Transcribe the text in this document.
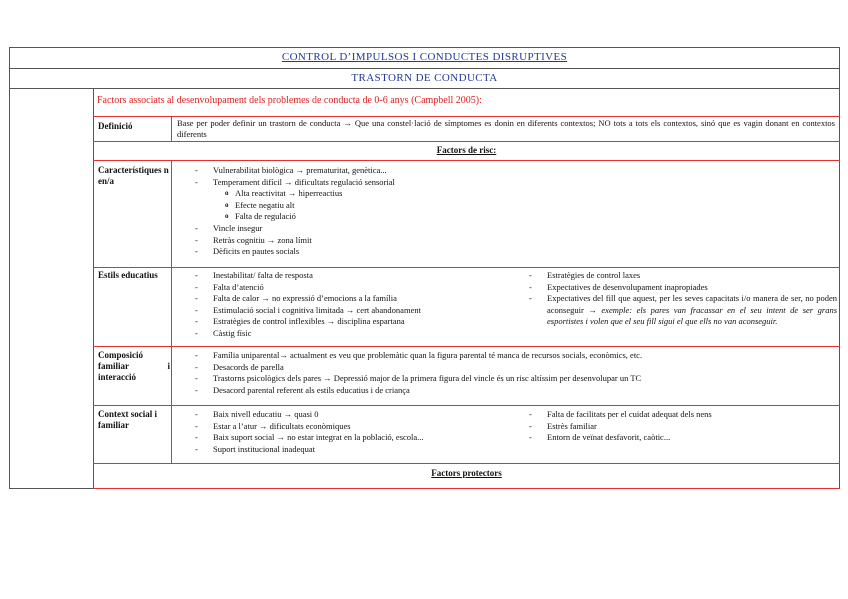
CONTROL D’IMPULSOS I CONDUCTES DISRUPTIVES
TRASTORN DE CONDUCTA
Factors associats al desenvolupament dels problemes de conducta de 0-6 anys (Campbell 2005):
Definició	Base per poder definir un trastorn de conducta → Que una constel·lació de símptomes es donin en diferents contextos; NO tots a tots els contextos, sinó que es vagin donant en contextos diferents
Factors de risc:
Característiques nen/a
- Vulnerabilitat biològica → prematuritat, genètica...
- Temperament difícil → dificultats regulació sensorial
o Alta reactivitat → hiperreactius
o Efecte negatiu alt
o Falta de regulació
- Vincle insegur
- Retràs cognitiu → zona límit
- Dèficits en pautes socials
Estils educatius
-	Inestabilitat/ falta de resposta
- Falta d’atenció
- Falta de calor → no expressió d’emocions a la família
- Estimulació social i cognitiva limitada → cert abandonament
- Estratègies de control inflexibles → disciplina espartana
- Càstig físic
- Estratègies de control laxes
- Expectatives de desenvolupament inapropiades
- Expectatives del fill que aquest, per les seves capacitats i/o manera de ser, no poden aconseguir → exemple: els pares van fracassar en el seu intent de ser grans esportistes i volen que el seu fill sigui el que ells no van aconseguir.
Composició
familiar	i
interacció
- Família uniparental→ actualment es veu que problemàtic quan la figura parental té manca de recursos socials, econòmics, etc.
- Desacords de parella
- Trastorns psicològics dels pares → Depressió major de la primera figura del vincle és un risc altíssim per desenvolupar un TC
- Desacord parental referent als estils educatius i de criança
Context social i familiar
- Baix nivell educatiu → quasi 0
- Estar a l’atur → dificultats econòmiques
- Baix suport social → no estar integrat en la població, escola...
- Suport institucional inadequat
- Falta de facilitats per el cuidat adequat dels nens
- Estrès familiar
- Entorn de veïnat desfavorit, caòtic...
Factors protectors
